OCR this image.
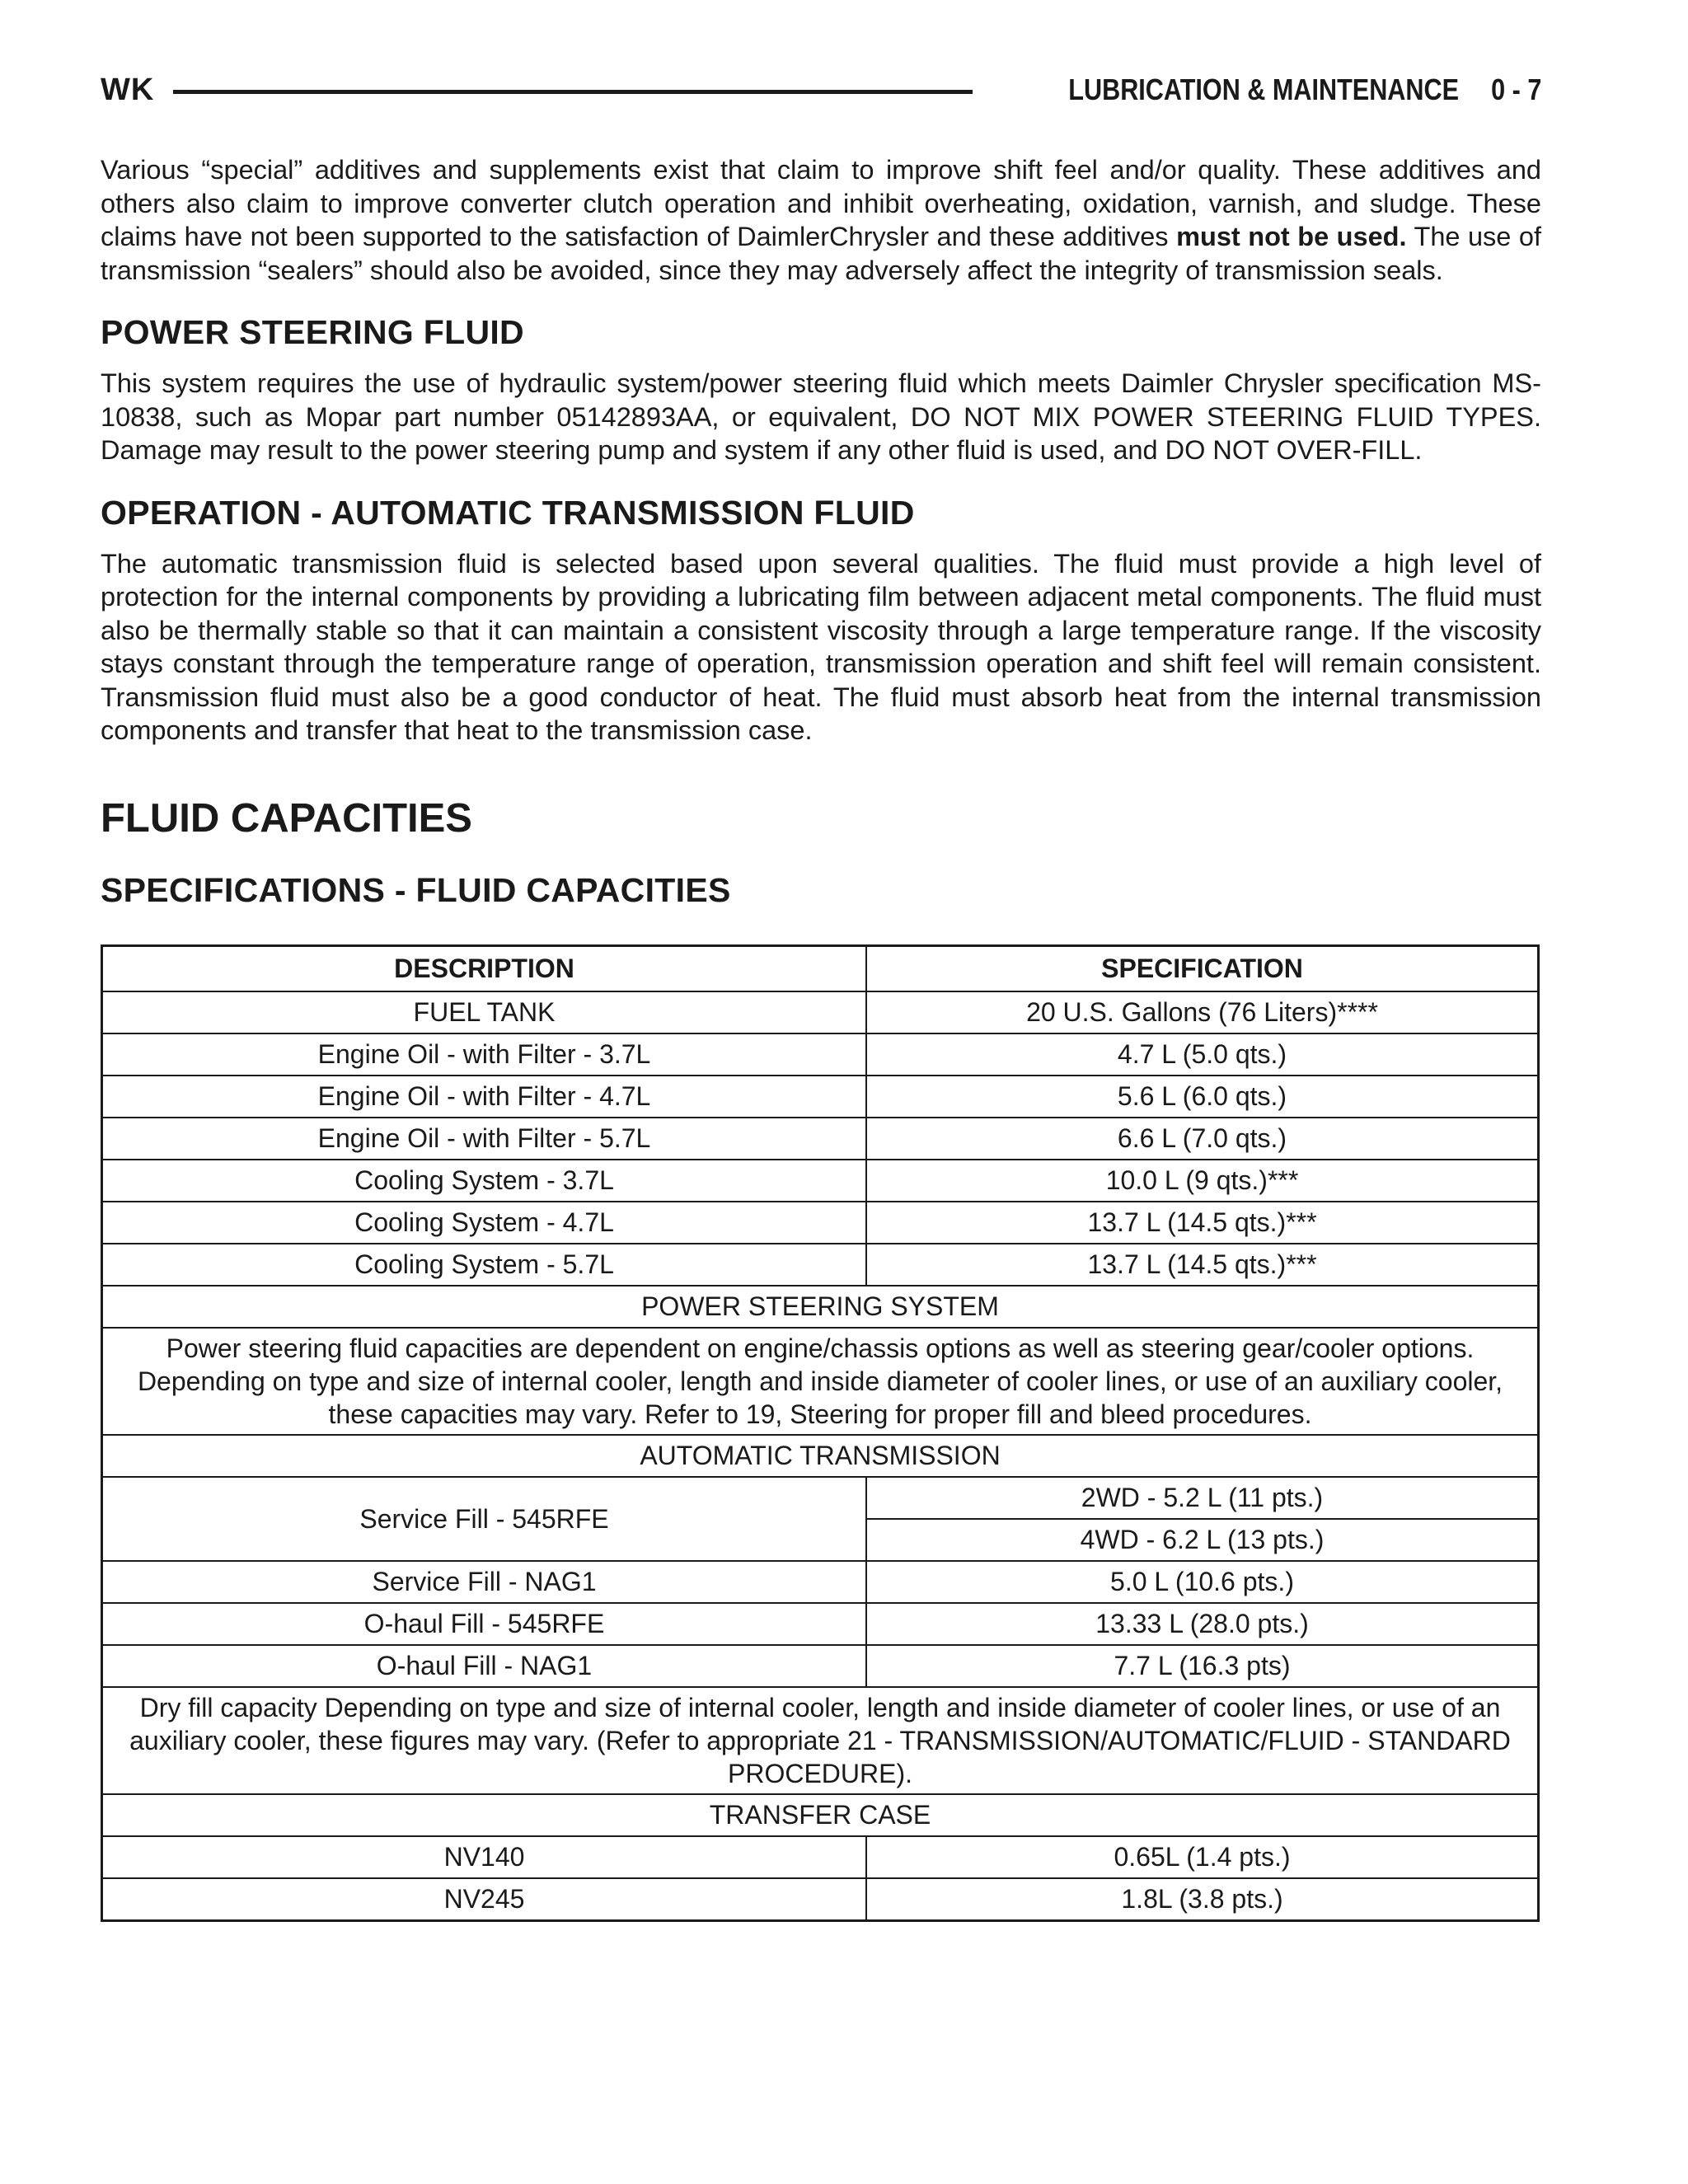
WK	LUBRICATION & MAINTENANCE 0 - 7

Various “special” additives and supplements exist that claim to improve shift feel and/or quality. These additives and others also claim to improve converter clutch operation and inhibit overheating, oxidation, varnish, and sludge. These claims have not been supported to the satisfaction of DaimlerChrysler and these additives must not be used. The use of transmission “sealers” should also be avoided, since they may adversely affect the integrity of transmission seals.

POWER STEERING FLUID

This system requires the use of hydraulic system/power steering fluid which meets Daimler Chrysler specification MS-10838, such as Mopar part number 05142893AA, or equivalent, DO NOT MIX POWER STEERING FLUID TYPES. Damage may result to the power steering pump and system if any other fluid is used, and DO NOT OVER-FILL.

OPERATION - AUTOMATIC TRANSMISSION FLUID

The automatic transmission fluid is selected based upon several qualities. The fluid must provide a high level of protection for the internal components by providing a lubricating film between adjacent metal components. The fluid must also be thermally stable so that it can maintain a consistent viscosity through a large temperature range. If the viscosity stays constant through the temperature range of operation, transmission operation and shift feel will remain consistent. Transmission fluid must also be a good conductor of heat. The fluid must absorb heat from the internal transmission components and transfer that heat to the transmission case.

FLUID CAPACITIES
SPECIFICATIONS - FLUID CAPACITIES
DESCRIPTION	SPECIFICATION
FUEL TANK	20 U.S. Gallons (76 Liters)****
Engine Oil - with Filter - 3.7L	4.7 L (5.0 qts.)
Engine Oil - with Filter - 4.7L	5.6 L (6.0 qts.)
Engine Oil - with Filter - 5.7L	6.6 L (7.0 qts.)
Cooling System - 3.7L	10.0 L (9 qts.)***
Cooling System - 4.7L	13.7 L (14.5 qts.)***
Cooling System - 5.7L	13.7 L (14.5 qts.)***
POWER STEERING SYSTEM	
Power steering fluid capacities are dependent on engine/chassis options as well as steering gear/cooler options. Depending on type and size of internal cooler, length and inside diameter of cooler lines, or use of an auxiliary cooler, these capacities may vary. Refer to 19, Steering for proper fill and bleed procedures.	
AUTOMATIC TRANSMISSION	
Service Fill - 545RFE	2WD - 5.2 L (11 pts.)
4WD - 6.2 L (13 pts.)

Service Fill - NAG1	5.0 L (10.6 pts.)
O-haul Fill - 545RFE	13.33 L (28.0 pts.)
O-haul Fill - NAG1	7.7 L (16.3 pts)
Dry fill capacity Depending on type and size of internal cooler, length and inside diameter of cooler lines, or use of an auxiliary cooler, these figures may vary. (Refer to appropriate 21 - TRANSMISSION/AUTOMATIC/FLUID - STANDARD PROCEDURE).	
TRANSFER CASE	
NV140	0.65L (1.4 pts.)
NV245	1.8L (3.8 pts.)
